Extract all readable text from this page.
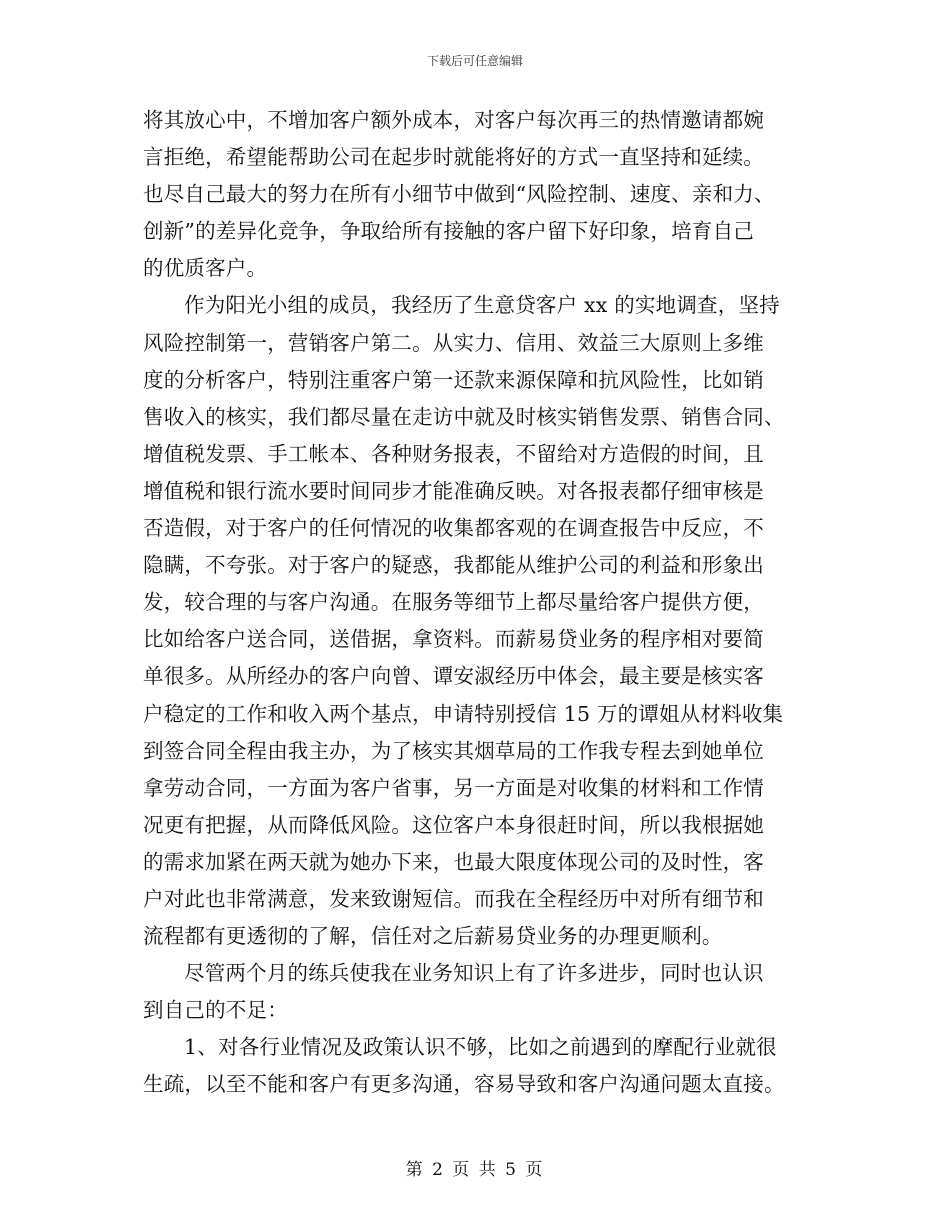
下载后可任意编辑
将其放心中，不增加客户额外成本，对客户每次再三的热情邀请都婉
言拒绝，希望能帮助公司在起步时就能将好的方式一直坚持和延续。
也尽自己最大的努力在所有小细节中做到“风险控制、速度、亲和力、
创新”的差异化竞争，争取给所有接触的客户留下好印象，培育自己
的优质客户。
作为阳光小组的成员，我经历了生意贷客户 xx 的实地调查，坚持
风险控制第一，营销客户第二。从实力、信用、效益三大原则上多维
度的分析客户，特别注重客户第一还款来源保障和抗风险性，比如销
售收入的核实，我们都尽量在走访中就及时核实销售发票、销售合同、
增值税发票、手工帐本、各种财务报表，不留给对方造假的时间，且
增值税和银行流水要时间同步才能准确反映。对各报表都仔细审核是
否造假，对于客户的任何情况的收集都客观的在调查报告中反应，不
隐瞒，不夸张。对于客户的疑惑，我都能从维护公司的利益和形象出
发，较合理的与客户沟通。在服务等细节上都尽量给客户提供方便，
比如给客户送合同，送借据，拿资料。而薪易贷业务的程序相对要简
单很多。从所经办的客户向曾、谭安淑经历中体会，最主要是核实客
户稳定的工作和收入两个基点，申请特别授信 15 万的谭姐从材料收集
到签合同全程由我主办，为了核实其烟草局的工作我专程去到她单位
拿劳动合同，一方面为客户省事，另一方面是对收集的材料和工作情
况更有把握，从而降低风险。这位客户本身很赶时间，所以我根据她
的需求加紧在两天就为她办下来，也最大限度体现公司的及时性，客
户对此也非常满意，发来致谢短信。而我在全程经历中对所有细节和
流程都有更透彻的了解，信任对之后薪易贷业务的办理更顺利。
尽管两个月的练兵使我在业务知识上有了许多进步，同时也认识
到自己的不足：
1、对各行业情况及政策认识不够，比如之前遇到的摩配行业就很
生疏，以至不能和客户有更多沟通，容易导致和客户沟通问题太直接。
第 2 页 共 5 页
